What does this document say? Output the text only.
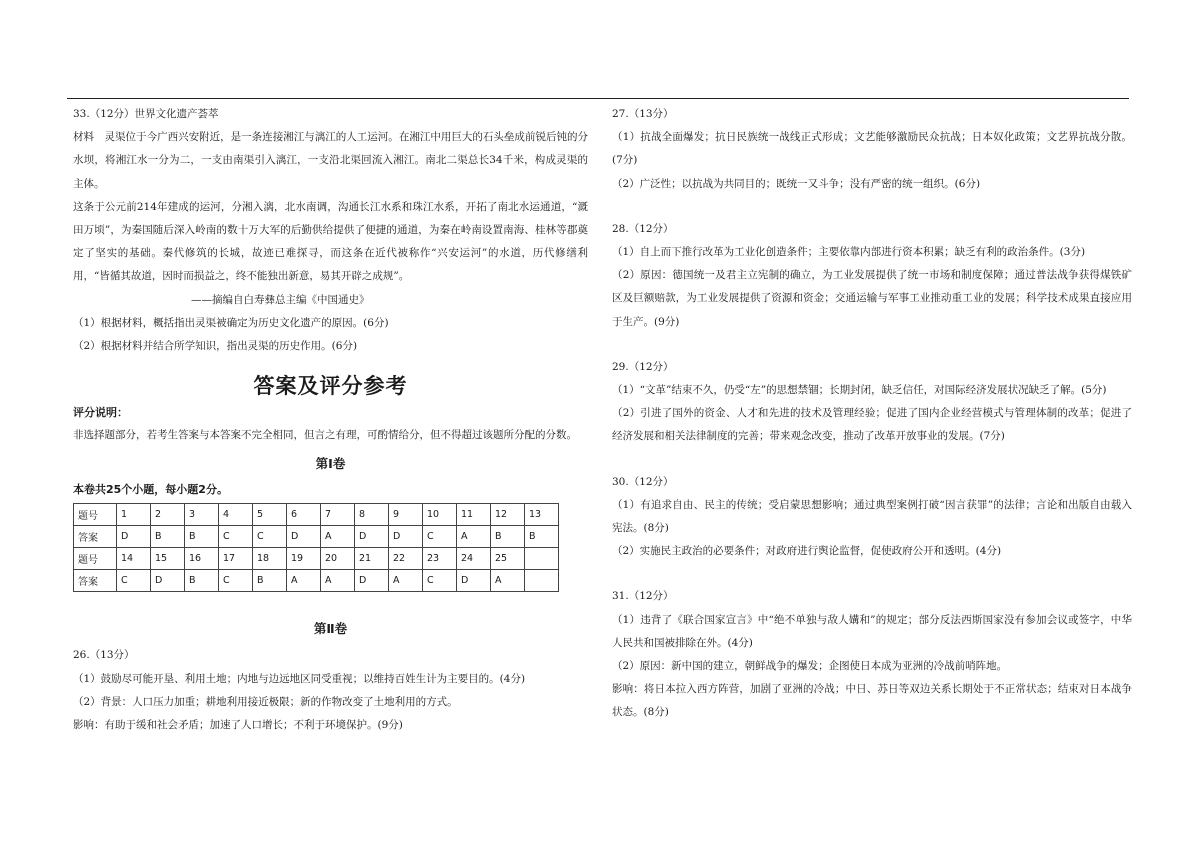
33.（12分）世界文化遗产荟萃

材料　灵渠位于今广西兴安附近，是一条连接湘江与漓江的人工运河。在湘江中用巨大的石头垒成前锐后钝的分水坝，将湘江水一分为二，一支由南渠引入漓江，一支沿北渠回流入湘江。南北二渠总长34千米，构成灵渠的主体。

这条于公元前214年建成的运河，分湘入漓，北水南调，沟通长江水系和珠江水系，开拓了南北水运通道，“溉田万顷”，为秦国随后深入岭南的数十万大军的后勤供给提供了便捷的通道，为秦在岭南设置南海、桂林等郡奠定了坚实的基础。秦代修筑的长城，故迹已难探寻，而这条在近代被称作“兴安运河”的水道，历代修缮利用，“皆循其故道，因时而损益之，终不能独出新意，易其开辟之成规”。

——摘编自白寿彝总主编《中国通史》

（1）根据材料，概括指出灵渠被确定为历史文化遗产的原因。(6分)

（2）根据材料并结合所学知识，指出灵渠的历史作用。(6分)

答案及评分参考

评分说明：

非选择题部分，若考生答案与本答案不完全相同，但言之有理，可酌情给分，但不得超过该题所分配的分数。

第Ⅰ卷

本卷共25个小题，每小题2分。

题号	1	2	3	4	5	6	7	8	9	10	11	12	13
答案	D	B	B	C	C	D	A	D	D	C	A	B	B
题号	14	15	16	17	18	19	20	21	22	23	24	25	
答案	C	D	B	C	B	A	A	D	A	C	D	A	
第Ⅱ卷

26.（13分）

（1）鼓励尽可能开垦、利用土地；内地与边远地区同受重视；以维持百姓生计为主要目的。(4分)

（2）背景：人口压力加重；耕地利用接近极限；新的作物改变了土地利用的方式。

影响：有助于缓和社会矛盾；加速了人口增长；不利于环境保护。(9分)

27.（13分）

（1）抗战全面爆发；抗日民族统一战线正式形成；文艺能够激励民众抗战；日本奴化政策；文艺界抗战分散。(7分)

（2）广泛性；以抗战为共同目的；既统一又斗争；没有严密的统一组织。(6分)

28.（12分）

（1）自上而下推行改革为工业化创造条件；主要依靠内部进行资本积累；缺乏有利的政治条件。(3分)

（2）原因：德国统一及君主立宪制的确立，为工业发展提供了统一市场和制度保障；通过普法战争获得煤铁矿区及巨额赔款，为工业发展提供了资源和资金；交通运输与军事工业推动重工业的发展；科学技术成果直接应用于生产。(9分)

29.（12分）

（1）“文革”结束不久，仍受“左”的思想禁锢；长期封闭，缺乏信任，对国际经济发展状况缺乏了解。(5分)

（2）引进了国外的资金、人才和先进的技术及管理经验；促进了国内企业经营模式与管理体制的改革；促进了经济发展和相关法律制度的完善；带来观念改变，推动了改革开放事业的发展。(7分)

30.（12分）

（1）有追求自由、民主的传统；受启蒙思想影响；通过典型案例打破“因言获罪”的法律；言论和出版自由载入宪法。(8分)

（2）实施民主政治的必要条件；对政府进行舆论监督，促使政府公开和透明。(4分)

31.（12分）

（1）违背了《联合国家宣言》中“绝不单独与敌人媾和”的规定；部分反法西斯国家没有参加会议或签字，中华人民共和国被排除在外。(4分)

（2）原因：新中国的建立，朝鲜战争的爆发；企图使日本成为亚洲的冷战前哨阵地。

影响：将日本拉入西方阵营，加剧了亚洲的冷战；中日、苏日等双边关系长期处于不正常状态；结束对日本战争状态。(8分)
